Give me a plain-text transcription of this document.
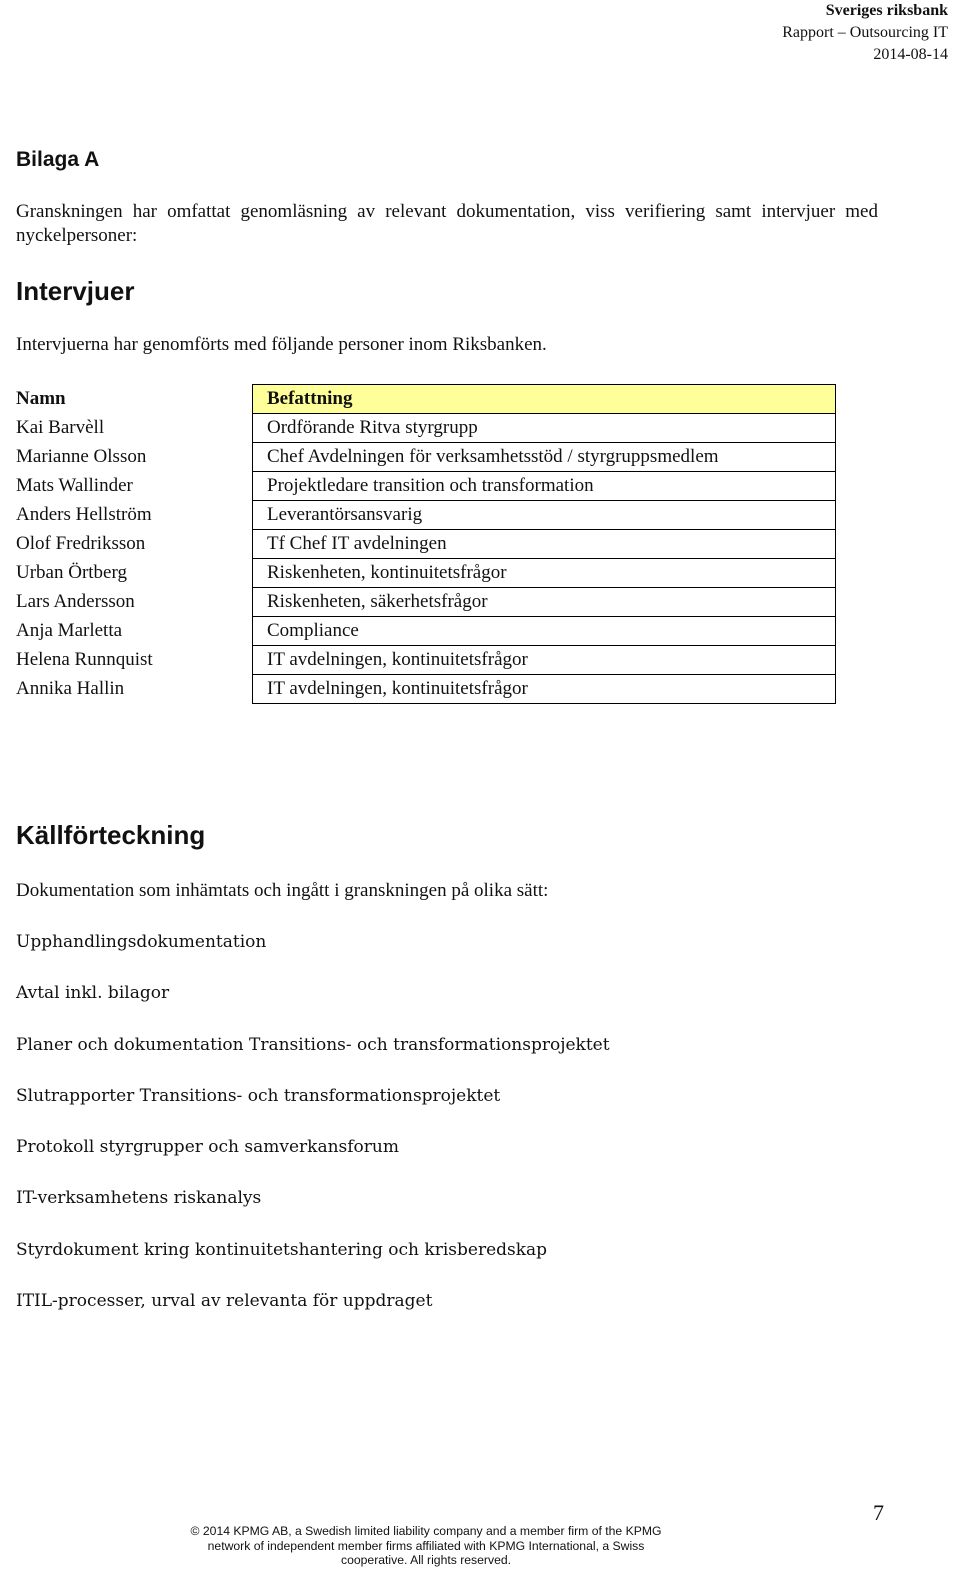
Sveriges riksbank
Rapport – Outsourcing IT
2014-08-14
Bilaga A

Granskningen har omfattat genomläsning av relevant dokumentation, viss verifiering samt intervjuer med nyckelpersoner:

Intervjuer

Intervjuerna har genomförts med följande personer inom Riksbanken.

Namn	Befattning
Kai Barvèll	Ordförande Ritva styrgrupp
Marianne Olsson	Chef Avdelningen för verksamhetsstöd / styrgruppsmedlem
Mats Wallinder	Projektledare transition och transformation
Anders Hellström	Leverantörsansvarig
Olof Fredriksson	Tf Chef IT avdelningen
Urban Örtberg	Riskenheten, kontinuitetsfrågor
Lars Andersson	Riskenheten, säkerhetsfrågor
Anja Marletta	Compliance
Helena Runnquist	IT avdelningen, kontinuitetsfrågor
Annika Hallin	IT avdelningen, kontinuitetsfrågor
Källförteckning

Dokumentation som inhämtats och ingått i granskningen på olika sätt:

Upphandlingsdokumentation
Avtal inkl. bilagor
Planer och dokumentation Transitions- och transformationsprojektet
Slutrapporter Transitions- och transformationsprojektet
Protokoll styrgrupper och samverkansforum
IT-verksamhetens riskanalys
Styrdokument kring kontinuitetshantering och krisberedskap
ITIL-processer, urval av relevanta för uppdraget
7
© 2014 KPMG AB, a Swedish limited liability company and a member firm of the KPMG
network of independent member firms affiliated with KPMG International, a Swiss
cooperative. All rights reserved.
